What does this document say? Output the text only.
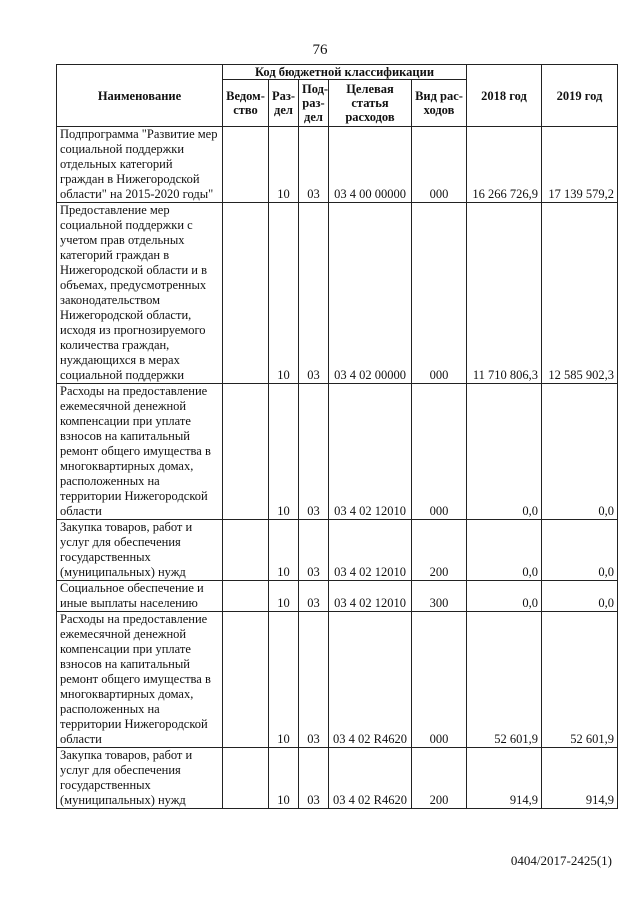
76
Наименование	Код бюджетной классификации					2018 год	2019 год
	Ведом-ство	Раз-дел	Под-раз-дел	Целевая статья расходов	Вид рас-ходов		
Подпрограмма "Развитие мер социальной поддержки отдельных категорий граждан в Нижегородской области" на 2015-2020 годы"		10	03	03 4 00 00000	000	16 266 726,9	17 139 579,2
Предоставление мер социальной поддержки с учетом прав отдельных категорий граждан в Нижегородской области и в объемах, предусмотренных законодательством Нижегородской области, исходя из прогнозируемого количества граждан, нуждающихся в мерах социальной поддержки		10	03	03 4 02 00000	000	11 710 806,3	12 585 902,3
Расходы на предоставление ежемесячной денежной компенсации при уплате взносов на капитальный ремонт общего имущества в многоквартирных домах, расположенных на территории Нижегородской области		10	03	03 4 02 12010	000	0,0	0,0
Закупка товаров, работ и услуг для обеспечения государственных (муниципальных) нужд		10	03	03 4 02 12010	200	0,0	0,0
Социальное обеспечение и иные выплаты населению		10	03	03 4 02 12010	300	0,0	0,0
Расходы на предоставление ежемесячной денежной компенсации при уплате взносов на капитальный ремонт общего имущества в многоквартирных домах, расположенных на территории Нижегородской области		10	03	03 4 02 R4620	000	52 601,9	52 601,9
Закупка товаров, работ и услуг для обеспечения государственных (муниципальных) нужд		10	03	03 4 02 R4620	200	914,9	914,9
0404/2017-2425(1)
